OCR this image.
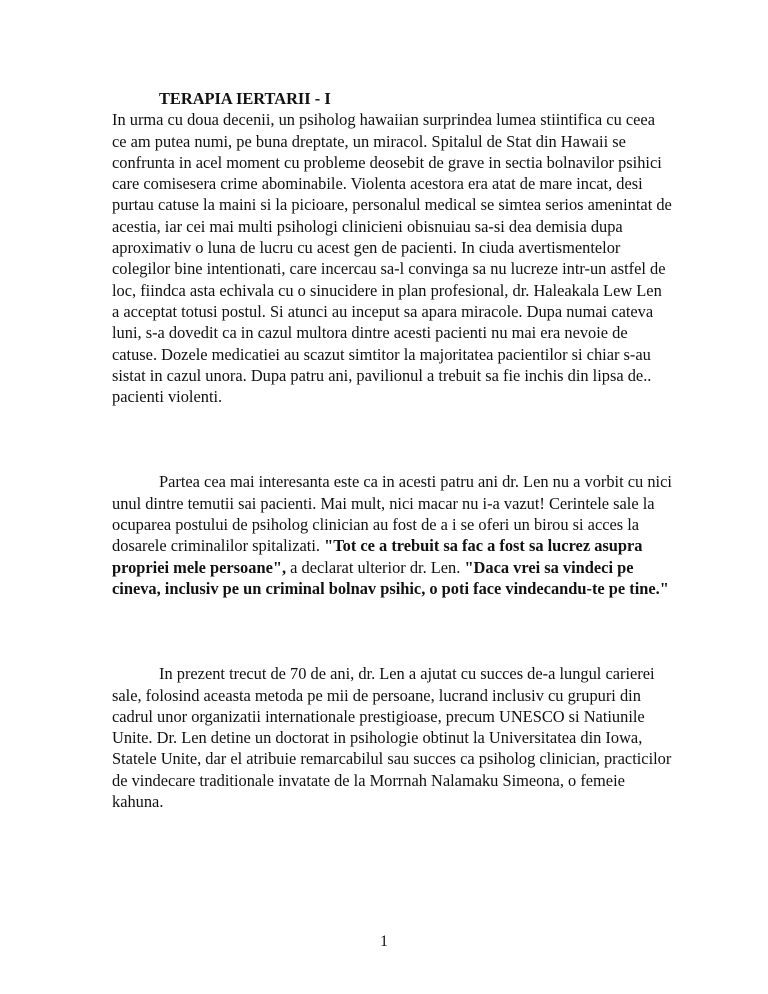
TERAPIA IERTARII - I

In urma cu doua decenii, un psiholog hawaiian surprindea lumea stiintifica cu ceea ce am putea numi, pe buna dreptate, un miracol. Spitalul de Stat din Hawaii se confrunta in acel moment cu probleme deosebit de grave in sectia bolnavilor psihici care comisesera crime abominabile. Violenta acestora era atat de mare incat, desi purtau catuse la maini si la picioare, personalul medical se simtea serios amenintat de acestia, iar cei mai multi psihologi clinicieni obisnuiau sa-si dea demisia dupa aproximativ o luna de lucru cu acest gen de pacienti. In ciuda avertismentelor colegilor bine intentionati, care incercau sa-l convinga sa nu lucreze intr-un astfel de loc, fiindca asta echivala cu o sinucidere in plan profesional, dr. Haleakala Lew Len a acceptat totusi postul. Si atunci au inceput sa apara miracole. Dupa numai cateva luni, s-a dovedit ca in cazul multora dintre acesti pacienti nu mai era nevoie de catuse. Dozele medicatiei au scazut simtitor la majoritatea pacientilor si chiar s-au sistat in cazul unora. Dupa patru ani, pavilionul a trebuit sa fie inchis din lipsa de.. pacienti violenti.

Partea cea mai interesanta este ca in acesti patru ani dr. Len nu a vorbit cu nici unul dintre temutii sai pacienti. Mai mult, nici macar nu i-a vazut! Cerintele sale la ocuparea postului de psiholog clinician au fost de a i se oferi un birou si acces la dosarele criminalilor spitalizati. "Tot ce a trebuit sa fac a fost sa lucrez asupra propriei mele persoane", a declarat ulterior dr. Len. "Daca vrei sa vindeci pe cineva, inclusiv pe un criminal bolnav psihic, o poti face vindecandu-te pe tine."

In prezent trecut de 70 de ani, dr. Len a ajutat cu succes de-a lungul carierei sale, folosind aceasta metoda pe mii de persoane, lucrand inclusiv cu grupuri din cadrul unor organizatii internationale prestigioase, precum UNESCO si Natiunile Unite. Dr. Len detine un doctorat in psihologie obtinut la Universitatea din Iowa, Statele Unite, dar el atribuie remarcabilul sau succes ca psiholog clinician, practicilor de vindecare traditionale invatate de la Morrnah Nalamaku Simeona, o femeie kahuna.

1
